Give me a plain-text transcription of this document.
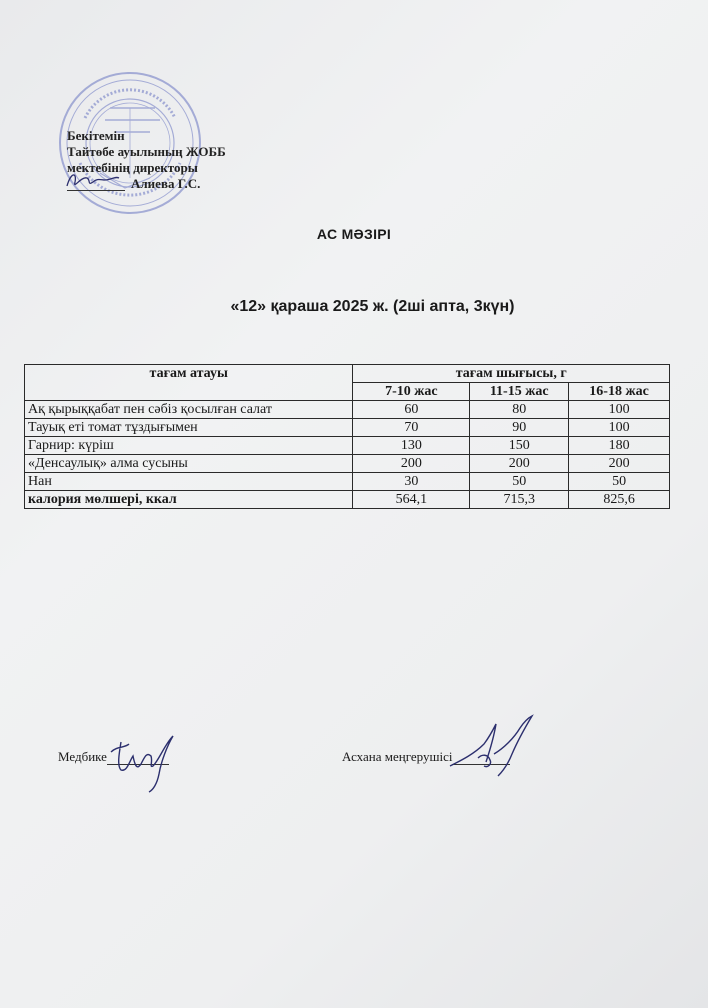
Бекітемін
Тайтөбе ауылының ЖОББ
мектебінің директоры
Алиева Г.С.
АС МӘЗІРІ
«12» қараша 2025 ж. (2ші апта, 3күн)
тағам атауы	тағам шығысы, г		
	7-10 жас	11-15 жас	16-18 жас
Ақ қырыққабат пен сәбіз қосылған салат	60	80	100
Тауық еті томат тұздығымен	70	90	100
Гарнир: күріш	130	150	180
«Денсаулық» алма сусыны	200	200	200
Нан	30	50	50
калория мөлшері, ккал	564,1	715,3	825,6
Медбике	Асхана меңгерушісі
